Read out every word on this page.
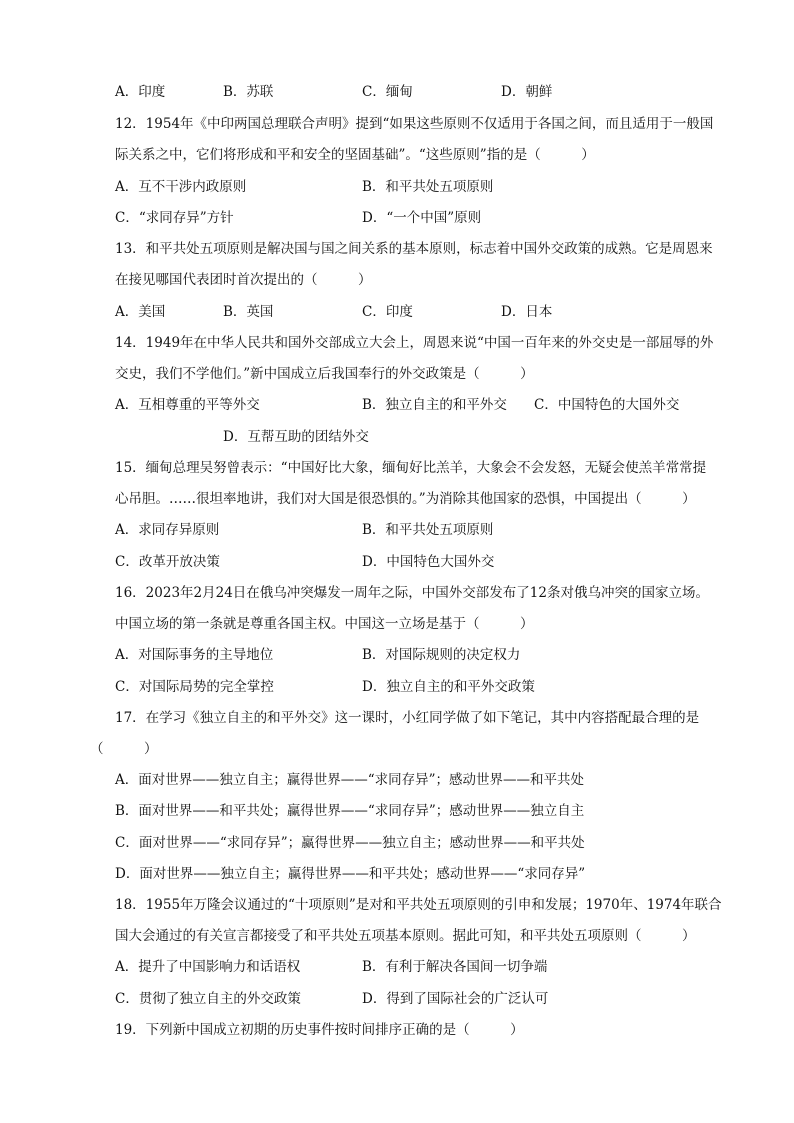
A．印度	B．苏联	C．缅甸	D．朝鲜
12．1954年《中印两国总理联合声明》提到“如果这些原则不仅适用于各国之间，而且适用于一般国
际关系之中，它们将形成和平和安全的坚固基础”。“这些原则”指的是（　　　）
A．互不干涉内政原则	B．和平共处五项原则
C．“求同存异”方针	D．“一个中国”原则
13．和平共处五项原则是解决国与国之间关系的基本原则，标志着中国外交政策的成熟。它是周恩来
在接见哪国代表团时首次提出的（　　　）
A．美国	B．英国	C．印度	D．日本
14．1949年在中华人民共和国外交部成立大会上，周恩来说“中国一百年来的外交史是一部屈辱的外
交史，我们不学他们。”新中国成立后我国奉行的外交政策是（　　　）
A．互相尊重的平等外交	B．独立自主的和平外交 C．中国特色的大国外交
D．互帮互助的团结外交
15．缅甸总理吴努曾表示：“中国好比大象，缅甸好比羔羊，大象会不会发怒，无疑会使羔羊常常提
心吊胆。……很坦率地讲，我们对大国是很恐惧的。”为消除其他国家的恐惧，中国提出（　　　）
A．求同存异原则	B．和平共处五项原则
C．改革开放决策	D．中国特色大国外交
16．2023年2月24日在俄乌冲突爆发一周年之际，中国外交部发布了12条对俄乌冲突的国家立场。
中国立场的第一条就是尊重各国主权。中国这一立场是基于（　　　）
A．对国际事务的主导地位	B．对国际规则的决定权力
C．对国际局势的完全掌控	D．独立自主的和平外交政策
17．在学习《独立自主的和平外交》这一课时，小红同学做了如下笔记，其中内容搭配最合理的是
（　　　）
A．面对世界——独立自主；赢得世界——“求同存异”；感动世界——和平共处
B．面对世界——和平共处；赢得世界——“求同存异”；感动世界——独立自主
C．面对世界——“求同存异”；赢得世界——独立自主；感动世界——和平共处
D．面对世界——独立自主；赢得世界——和平共处；感动世界——“求同存异”
18．1955年万隆会议通过的“十项原则”是对和平共处五项原则的引申和发展；1970年、1974年联合
国大会通过的有关宣言都接受了和平共处五项基本原则。据此可知，和平共处五项原则（　　　）
A．提升了中国影响力和话语权	B．有利于解决各国间一切争端
C．贯彻了独立自主的外交政策	D．得到了国际社会的广泛认可
19．下列新中国成立初期的历史事件按时间排序正确的是（　　　）
